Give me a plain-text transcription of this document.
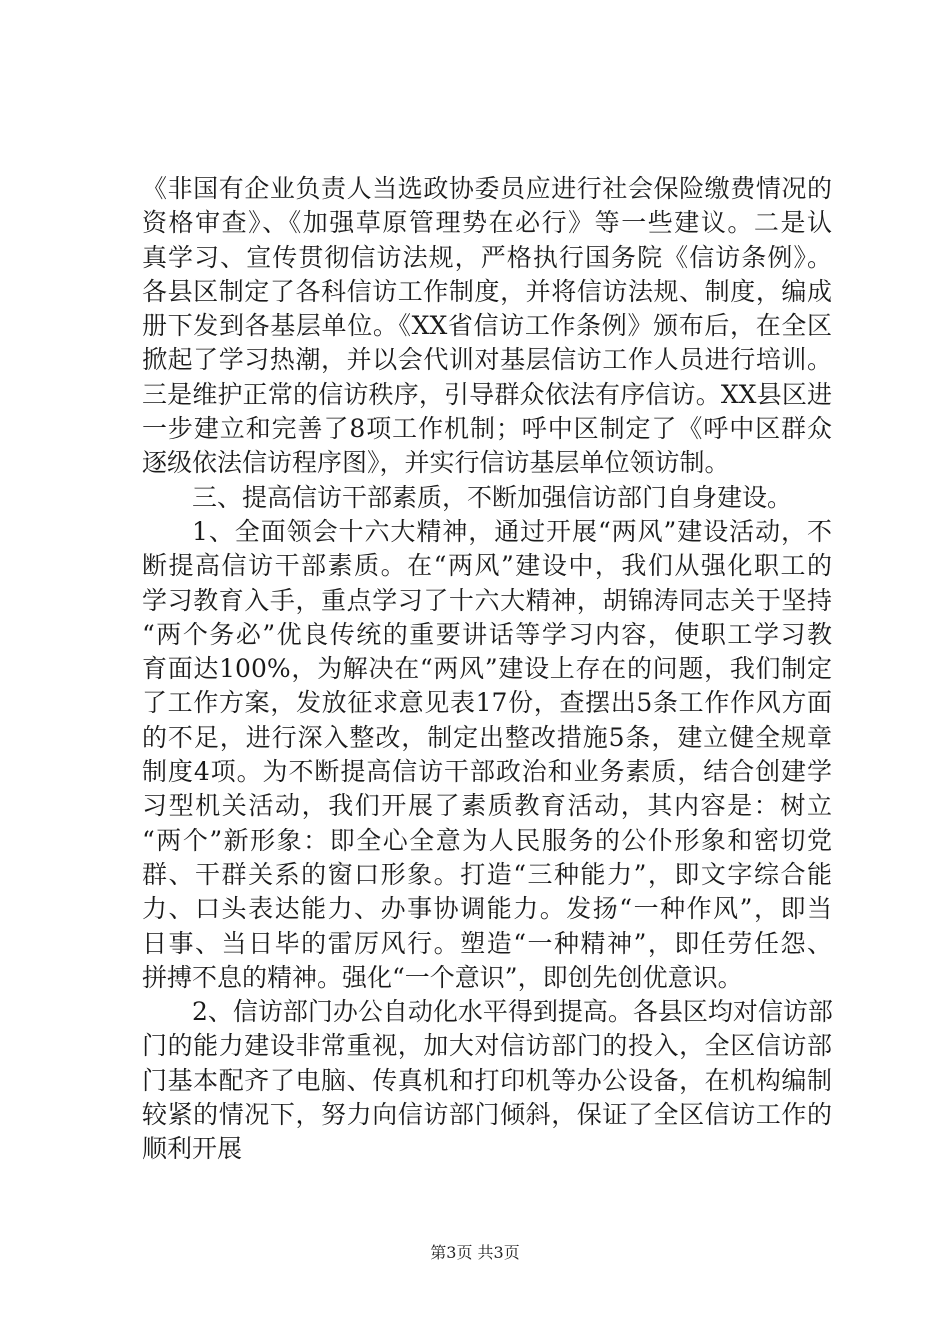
《非国有企业负责人当选政协委员应进行社会保险缴费情况的
资格审查》、《加强草原管理势在必行》等一些建议。二是认
真学习、宣传贯彻信访法规，严格执行国务院《信访条例》。
各县区制定了各科信访工作制度，并将信访法规、制度，编成
册下发到各基层单位。《XX省信访工作条例》颁布后，在全区
掀起了学习热潮，并以会代训对基层信访工作人员进行培训。
三是维护正常的信访秩序，引导群众依法有序信访。XX县区进
一步建立和完善了8项工作机制；呼中区制定了《呼中区群众
逐级依法信访程序图》，并实行信访基层单位领访制。
三、提高信访干部素质，不断加强信访部门自身建设。
1、全面领会十六大精神，通过开展“两风”建设活动，不
断提高信访干部素质。在“两风”建设中，我们从强化职工的
学习教育入手，重点学习了十六大精神，胡锦涛同志关于坚持
“两个务必”优良传统的重要讲话等学习内容，使职工学习教
育面达100%，为解决在“两风”建设上存在的问题，我们制定
了工作方案，发放征求意见表17份，查摆出5条工作作风方面
的不足，进行深入整改，制定出整改措施5条，建立健全规章
制度4项。为不断提高信访干部政治和业务素质，结合创建学
习型机关活动，我们开展了素质教育活动，其内容是：树立
“两个”新形象：即全心全意为人民服务的公仆形象和密切党
群、干群关系的窗口形象。打造“三种能力”，即文字综合能
力、口头表达能力、办事协调能力。发扬“一种作风”，即当
日事、当日毕的雷厉风行。塑造“一种精神”，即任劳任怨、
拼搏不息的精神。强化“一个意识”，即创先创优意识。
2、信访部门办公自动化水平得到提高。各县区均对信访部
门的能力建设非常重视，加大对信访部门的投入，全区信访部
门基本配齐了电脑、传真机和打印机等办公设备，在机构编制
较紧的情况下，努力向信访部门倾斜，保证了全区信访工作的
顺利开展
第3页 共3页
